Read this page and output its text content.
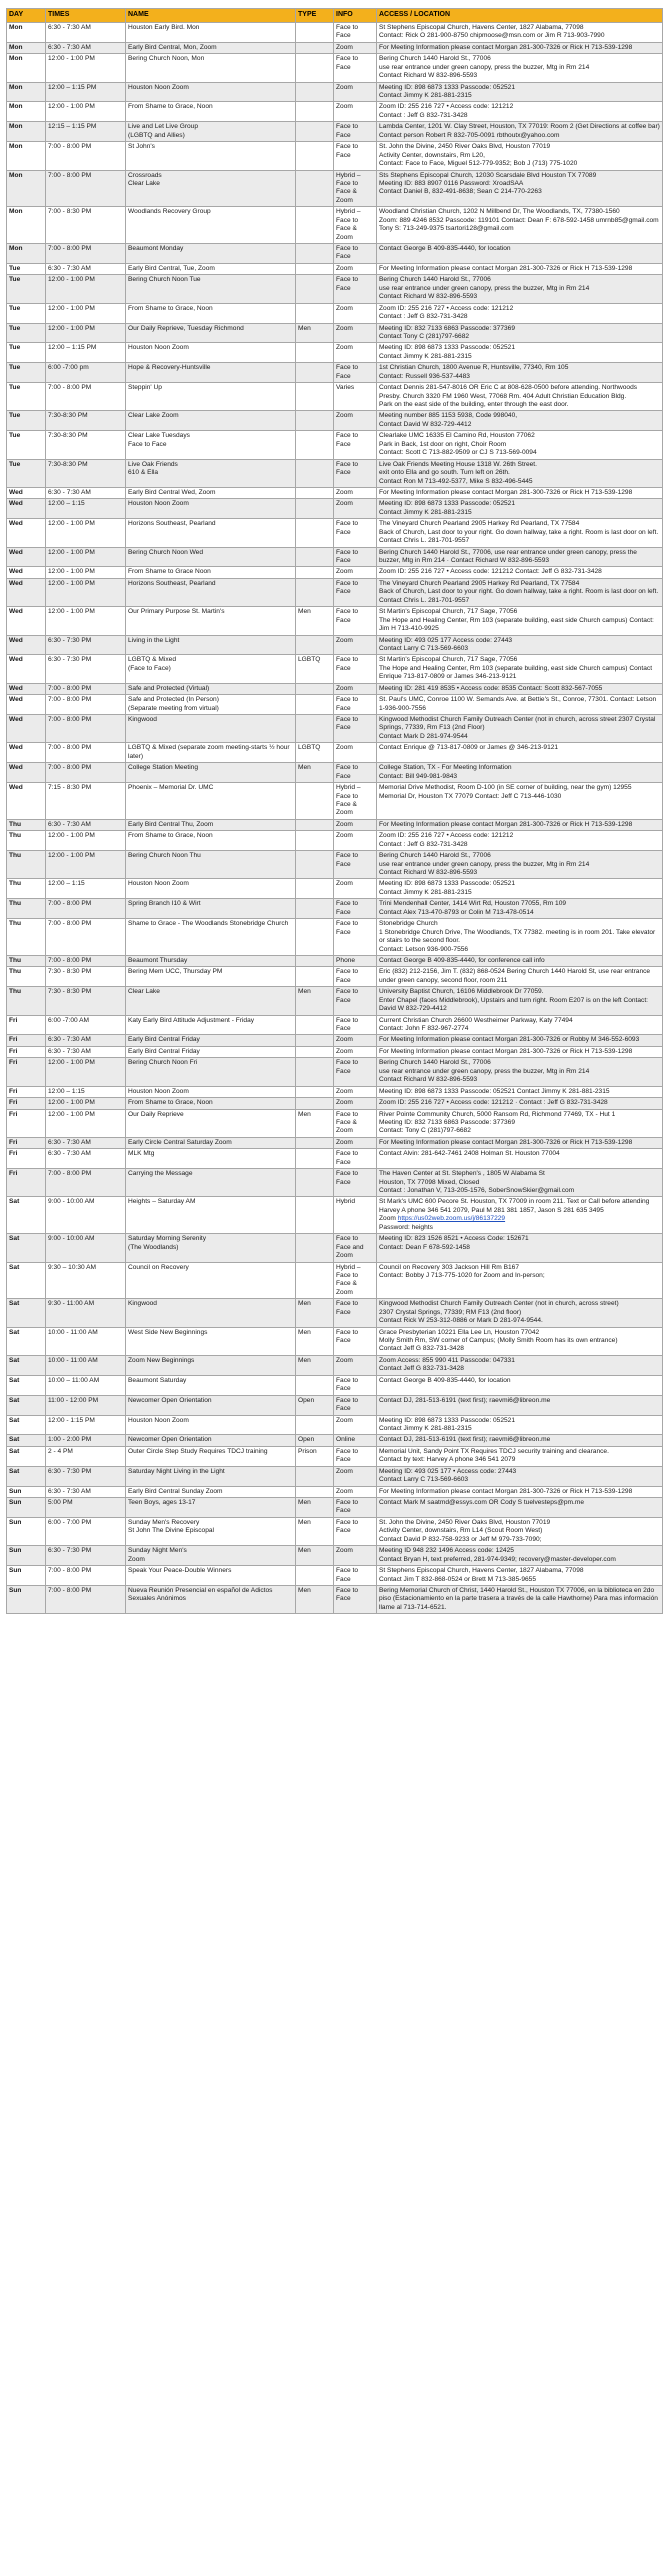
DAY	TIMES	NAME	TYPE	INFO	ACCESS / LOCATION
Mon	6:30 - 7:30 AM	Houston Early Bird. Mon		Face to Face	St Stephens Episcopal Church, Havens Center, 1827 Alabama, 77098
Contact: Rick O 281-900-8750 chipmoose@msn.com or Jim R 713-903-7990

Mon	6:30 - 7:30 AM	Early Bird Central, Mon, Zoom		Zoom	For Meeting Information please contact Morgan 281-300-7326 or Rick H 713-539-1298

Mon	12:00 - 1:00 PM	Bering Church Noon, Mon		Face to Face	Bering Church 1440 Harold St., 77006
use rear entrance under green canopy, press the buzzer, Mtg in Rm 214
Contact Richard W 832-896-5593

Mon	12:00 – 1:15 PM	Houston Noon Zoom		Zoom	Meeting ID: 898 6873 1333 Passcode: 052521
Contact Jimmy K 281-881-2315

Mon	12:00 - 1:00 PM	From Shame to Grace, Noon		Zoom	Zoom ID: 255 216 727 • Access code: 121212
Contact : Jeff G 832-731-3428

Mon	12:15 – 1:15 PM	Live and Let Live Group
(LGBTQ and Allies)		Face to Face	Lambda Center, 1201 W. Clay Street, Houston, TX 77019: Room 2 (Get Directions at coffee bar) Contact person Robert R 832-705-0091 rbthoutx@yahoo.com

Mon	7:00 - 8:00 PM	St John's		Face to Face	St. John the Divine, 2450 River Oaks Blvd, Houston 77019
Activity Center, downstairs, Rm L20,
Contact: Face to Face, Miguel 512-779-9352; Bob J (713) 775-1020

Mon	7:00 - 8:00 PM	Crossroads
Clear Lake		Hybrid – Face to Face & Zoom	Sts Stephens Episcopal Church, 12030 Scarsdale Blvd Houston TX 77089
Meeting ID: 883 8907 0116 Password: XroadSAA
Contact Daniel B, 832-491-8638; Sean C 214-770-2263

Mon	7:00 - 8:30 PM	Woodlands Recovery Group		Hybrid – Face to Face & Zoom	Woodland Christian Church, 1202 N Millbend Dr, The Woodlands, TX, 77380-1560
Zoom: 889 4246 8532 Passcode: 119101 Contact: Dean F: 678-592-1458 umrnb85@gmail.com Tony S: 713-249-9375 tsartori128@gmail.com

Mon	7:00 - 8:00 PM	Beaumont Monday		Face to Face	Contact George B 409-835-4440, for location

Tue	6:30 - 7:30 AM	Early Bird Central, Tue, Zoom		Zoom	For Meeting Information please contact Morgan 281-300-7326 or Rick H 713-539-1298

Tue	12:00 - 1:00 PM	Bering Church Noon Tue		Face to Face	Bering Church 1440 Harold St., 77006
use rear entrance under green canopy, press the buzzer, Mtg in Rm 214
Contact Richard W 832-896-5593

Tue	12:00 - 1:00 PM	From Shame to Grace, Noon		Zoom	Zoom ID: 255 216 727 • Access code: 121212
Contact : Jeff G 832-731-3428

Tue	12:00 - 1:00 PM	Our Daily Reprieve, Tuesday Richmond	Men	Zoom	Meeting ID: 832 7133 6863 Passcode: 377369
Contact Tony C (281)797-6682

Tue	12:00 – 1:15 PM	Houston Noon Zoom		Zoom	Meeting ID: 898 6873 1333 Passcode: 052521
Contact Jimmy K 281-881-2315

Tue	6:00 -7:00 pm	Hope & Recovery-Huntsville		Face to Face	1st Christian Church, 1800 Avenue R, Huntsville, 77340, Rm 105
Contact: Russell 936-537-4483

Tue	7:00 - 8:00 PM	Steppin' Up		Varies	Contact Dennis 281-547-8016 OR Eric C at 808-628-0500 before attending. Northwoods Presby. Church 3320 FM 1960 West, 77068 Rm. 404 Adult Christian Education Bldg.
Park on the east side of the building, enter through the east door.

Tue	7:30-8:30 PM	Clear Lake Zoom		Zoom	Meeting number 885 1153 5938, Code 998040,
Contact David W 832-729-4412

Tue	7:30-8:30 PM	Clear Lake Tuesdays
Face to Face		Face to Face	Clearlake UMC 16335 El Camino Rd, Houston 77062
Park in Back, 1st door on right, Choir Room
Contact: Scott C 713-882-9509 or CJ S 713-569-0094

Tue	7:30-8:30 PM	Live Oak Friends
610 & Ella		Face to Face	Live Oak Friends Meeting House 1318 W. 26th Street.
exit onto Ella and go south. Turn left on 26th.
Contact Ron M 713-492-5377, Mike S 832-496-5445

Wed	6:30 - 7:30 AM	Early Bird Central Wed, Zoom		Zoom	For Meeting Information please contact Morgan 281-300-7326 or Rick H 713-539-1298

Wed	12:00 – 1:15	Houston Noon Zoom		Zoom	Meeting ID: 898 6873 1333 Passcode: 052521
Contact Jimmy K 281-881-2315

Wed	12:00 - 1:00 PM	Horizons Southeast, Pearland		Face to Face	The Vineyard Church Pearland 2905 Harkey Rd Pearland, TX 77584
Back of Church, Last door to your right. Go down hallway, take a right. Room is last door on left. Contact Chris L. 281-701-9557

Wed	12:00 - 1:00 PM	Bering Church Noon Wed		Face to Face	Bering Church 1440 Harold St., 77006, use rear entrance under green canopy, press the buzzer, Mtg in Rm 214 · Contact Richard W 832-896-5593

Wed	12:00 - 1:00 PM	From Shame to Grace Noon		Zoom	Zoom ID: 255 216 727 • Access code: 121212 Contact: Jeff G 832-731-3428

Wed	12:00 - 1:00 PM	Horizons Southeast, Pearland		Face to Face	The Vineyard Church Pearland 2905 Harkey Rd Pearland, TX 77584
Back of Church, Last door to your right. Go down hallway, take a right. Room is last door on left. Contact Chris L. 281-701-9557

Wed	12:00 - 1:00 PM	Our Primary Purpose St. Martin's	Men	Face to Face	St Martin's Episcopal Church, 717 Sage, 77056
The Hope and Healing Center, Rm 103 (separate building, east side Church campus) Contact: Jim H 713-410-9925

Wed	6:30 - 7:30 PM	Living in the Light		Zoom	Meeting ID: 493 025 177 Access code: 27443
Contact Larry C 713-569-6603

Wed	6:30 - 7:30 PM	LGBTQ & Mixed
(Face to Face)	LGBTQ	Face to Face	St Martin's Episcopal Church, 717 Sage, 77056
The Hope and Healing Center, Rm 103 (separate building, east side Church campus) Contact Enrique 713-817-0809 or James 346-213-9121

Wed	7:00 - 8:00 PM	Safe and Protected (Virtual)		Zoom	Meeting ID: 281 419 8535 • Access code: 8535 Contact: Scott 832-567-7055

Wed	7:00 - 8:00 PM	Safe and Protected (In Person)
(Separate meeting from virtual)		Face to Face	St. Paul's UMC, Conroe 1100 W. Semands Ave. at Bettie's St., Conroe, 77301. Contact: Letson 1-936-900-7556

Wed	7:00 - 8:00 PM	Kingwood		Face to Face	Kingwood Methodist Church Family Outreach Center (not in church, across street 2307 Crystal Springs, 77339, Rm F13 (2nd Floor)
Contact Mark D 281-974-9544

Wed	7:00 - 8:00 PM	LGBTQ & Mixed (separate zoom meeting-starts ½ hour later)	LGBTQ	Zoom	Contact Enrique @ 713-817-0809 or James @ 346-213-9121

Wed	7:00 - 8:00 PM	College Station Meeting	Men	Face to Face	College Station, TX - For Meeting Information
Contact: Bill 949-981-9843

Wed	7:15 - 8:30 PM	Phoenix – Memorial Dr. UMC		Hybrid – Face to Face & Zoom	Memorial Drive Methodist, Room D-100 (in SE corner of building, near the gym) 12955 Memorial Dr, Houston TX 77079 Contact: Jeff C 713-446-1030

Thu	6:30 - 7:30 AM	Early Bird Central Thu, Zoom		Zoom	For Meeting Information please contact Morgan 281-300-7326 or Rick H 713-539-1298

Thu	12:00 - 1:00 PM	From Shame to Grace, Noon		Zoom	Zoom ID: 255 216 727 • Access code: 121212
Contact : Jeff G 832-731-3428

Thu	12:00 - 1:00 PM	Bering Church Noon Thu		Face to Face	Bering Church 1440 Harold St., 77006
use rear entrance under green canopy, press the buzzer, Mtg in Rm 214
Contact Richard W 832-896-5593

Thu	12:00 – 1:15	Houston Noon Zoom		Zoom	Meeting ID: 898 6873 1333 Passcode: 052521
Contact Jimmy K 281-881-2315

Thu	7:00 - 8:00 PM	Spring Branch I10 & Wirt		Face to Face	Trini Mendenhall Center, 1414 Wirt Rd, Houston 77055, Rm 109
Contact Alex 713-470-8793 or Colin M 713-478-0514

Thu	7:00 - 8:00 PM	Shame to Grace - The Woodlands Stonebridge Church		Face to Face	Stonebridge Church
1 Stonebridge Church Drive, The Woodlands, TX 77382. meeting is in room 201. Take elevator or stairs to the second floor.
Contact: Letson 936-900-7556

Thu	7:00 - 8:00 PM	Beaumont Thursday		Phone	Contact George B 409-835-4440, for conference call info

Thu	7:30 - 8:30 PM	Bering Mem UCC, Thursday PM		Face to Face	Eric (832) 212-2156, Jim T. (832) 868-0524 Bering Church 1440 Harold St, use rear entrance under green canopy, second floor, room 211

Thu	7:30 - 8:30 PM	Clear Lake	Men	Face to Face	University Baptist Church, 16106 Middlebrook Dr 77059.
Enter Chapel (faces Middlebrook), Upstairs and turn right. Room E207 is on the left Contact: David W 832-729-4412

Fri	6:00 -7:00 AM	Katy Early Bird Attitude Adjustment - Friday		Face to Face	Current Christian Church 26600 Westheimer Parkway, Katy 77494
Contact: John F 832-967-2774

Fri	6:30 - 7:30 AM	Early Bird Central Friday		Zoom	For Meeting Information please contact Morgan 281-300-7326 or Robby M 346-552-6093

Fri	6:30 - 7:30 AM	Early Bird Central Friday		Zoom	For Meeting Information please contact Morgan 281-300-7326 or Rick H 713-539-1298

Fri	12:00 - 1:00 PM	Bering Church Noon Fri		Face to Face	Bering Church 1440 Harold St., 77006
use rear entrance under green canopy, press the buzzer, Mtg in Rm 214
Contact Richard W 832-896-5593

Fri	12:00 – 1:15	Houston Noon Zoom		Zoom	Meeting ID: 898 6873 1333 Passcode: 052521 Contact Jimmy K 281-881-2315

Fri	12:00 - 1:00 PM	From Shame to Grace, Noon		Zoom	Zoom ID: 255 216 727 • Access code: 121212 · Contact : Jeff G 832-731-3428

Fri	12:00 - 1:00 PM	Our Daily Reprieve	Men	Face to Face & Zoom	River Pointe Community Church, 5000 Ransom Rd, Richmond 77469, TX - Hut 1
Meeting ID: 832 7133 6863 Passcode: 377369
Contact: Tony C (281)797-6682

Fri	6:30 - 7:30 AM	Early Circle Central Saturday Zoom		Zoom	For Meeting Information please contact Morgan 281-300-7326 or Rick H 713-539-1298

Fri	6:30 - 7:30 AM	MLK Mtg		Face to Face	Contact Alvin: 281-642-7461 2408 Holman St. Houston 77004

Fri	7:00 - 8:00 PM	Carrying the Message		Face to Face	The Haven Center at St. Stephen's , 1805 W Alabama St
Houston, TX 77098 Mixed, Closed
Contact : Jonathan V, 713-205-1576, SoberSnowSkier@gmail.com

Sat	9:00 - 10:00 AM	Heights – Saturday AM		Hybrid	St Mark's UMC 600 Pecore St. Houston, TX 77009 in room 211. Text or Call before attending Harvey A phone 346 541 2079, Paul M 281 381 1857, Jason S 281 635 3495
Zoom https://us02web.zoom.us/j/86137229
Password: heights

Sat	9:00 - 10:00 AM	Saturday Morning Serenity
(The Woodlands)		Face to Face and Zoom	Meeting ID: 823 1526 8521 • Access Code: 152671
Contact: Dean F 678-592-1458

Sat	9:30 – 10:30 AM	Council on Recovery		Hybrid – Face to Face & Zoom	Council on Recovery 303 Jackson Hill Rm B167
Contact: Bobby J 713-775-1020 for Zoom and In-person;

Sat	9:30 - 11:00 AM	Kingwood	Men	Face to Face	Kingwood Methodist Church Family Outreach Center (not in church, across street)
2307 Crystal Springs, 77339; RM F13 (2nd floor)
Contact Rick W 253-312-0886 or Mark D 281-974-9544.

Sat	10:00 - 11:00 AM	West Side New Beginnings	Men	Face to Face	Grace Presbyterian 10221 Ella Lee Ln, Houston 77042
Molly Smith Rm, SW corner of Campus; (Molly Smith Room has its own entrance)
Contact Jeff G 832-731-3428

Sat	10:00 - 11:00 AM	Zoom New Beginnings	Men	Zoom	Zoom Access: 855 990 411 Passcode: 047331
Contact Jeff G 832-731-3428

Sat	10:00 – 11:00 AM	Beaumont Saturday		Face to Face	Contact George B 409-835-4440, for location

Sat	11:00 - 12:00 PM	Newcomer Open Orientation	Open	Face to Face	Contact DJ, 281-513-6191 (text first); raevmi6@libreon.me

Sat	12:00 - 1:15 PM	Houston Noon Zoom		Zoom	Meeting ID: 898 6873 1333 Passcode: 052521
Contact Jimmy K 281-881-2315

Sat	1:00 - 2:00 PM	Newcomer Open Orientation	Open	Online	Contact DJ, 281-513-6191 (text first); raevmi6@libreon.me

Sat	2 - 4 PM	Outer Circle Step Study Requires TDCJ training	Prison	Face to Face	Memorial Unit, Sandy Point TX Requires TDCJ security training and clearance.
Contact by text: Harvey A phone 346 541 2079

Sat	6:30 - 7:30 PM	Saturday Night Living in the Light		Zoom	Meeting ID: 493 025 177 • Access code: 27443
Contact Larry C 713-569-6603

Sun	6:30 - 7:30 AM	Early Bird Central Sunday Zoom		Zoom	For Meeting Information please contact Morgan 281-300-7326 or Rick H 713-539-1298

Sun	5:00 PM	Teen Boys, ages 13-17	Men	Face to Face	Contact Mark M saatmd@essys.com OR Cody S tuelvesteps@pm.me

Sun	6:00 - 7:00 PM	Sunday Men's Recovery
St John The Divine Episcopal	Men	Face to Face	St. John the Divine, 2450 River Oaks Blvd, Houston 77019
Activity Center, downstairs, Rm L14 (Scout Room West)
Contact David P 832-758-9233 or Jeff M 979-733-7090;

Sun	6:30 - 7:30 PM	Sunday Night Men's
Zoom	Men	Zoom	Meeting ID 948 232 1496 Access code: 12425
Contact Bryan H, text preferred, 281-974-9349; recovery@master-developer.com

Sun	7:00 - 8:00 PM	Speak Your Peace-Double Winners		Face to Face	St Stephens Episcopal Church, Havens Center, 1827 Alabama, 77098
Contact Jim T 832-868-0524 or Brett M 713-385-9655

Sun	7:00 - 8:00 PM	Nueva Reunión Presencial en español de Adictos Sexuales Anónimos	Men	Face to Face	Bering Memorial Church of Christ, 1440 Harold St., Houston TX 77006, en la biblioteca en 2do piso (Estacionamiento en la parte trasera a través de la calle Hawthorne) Para mas información llame al 713-714-6521.
